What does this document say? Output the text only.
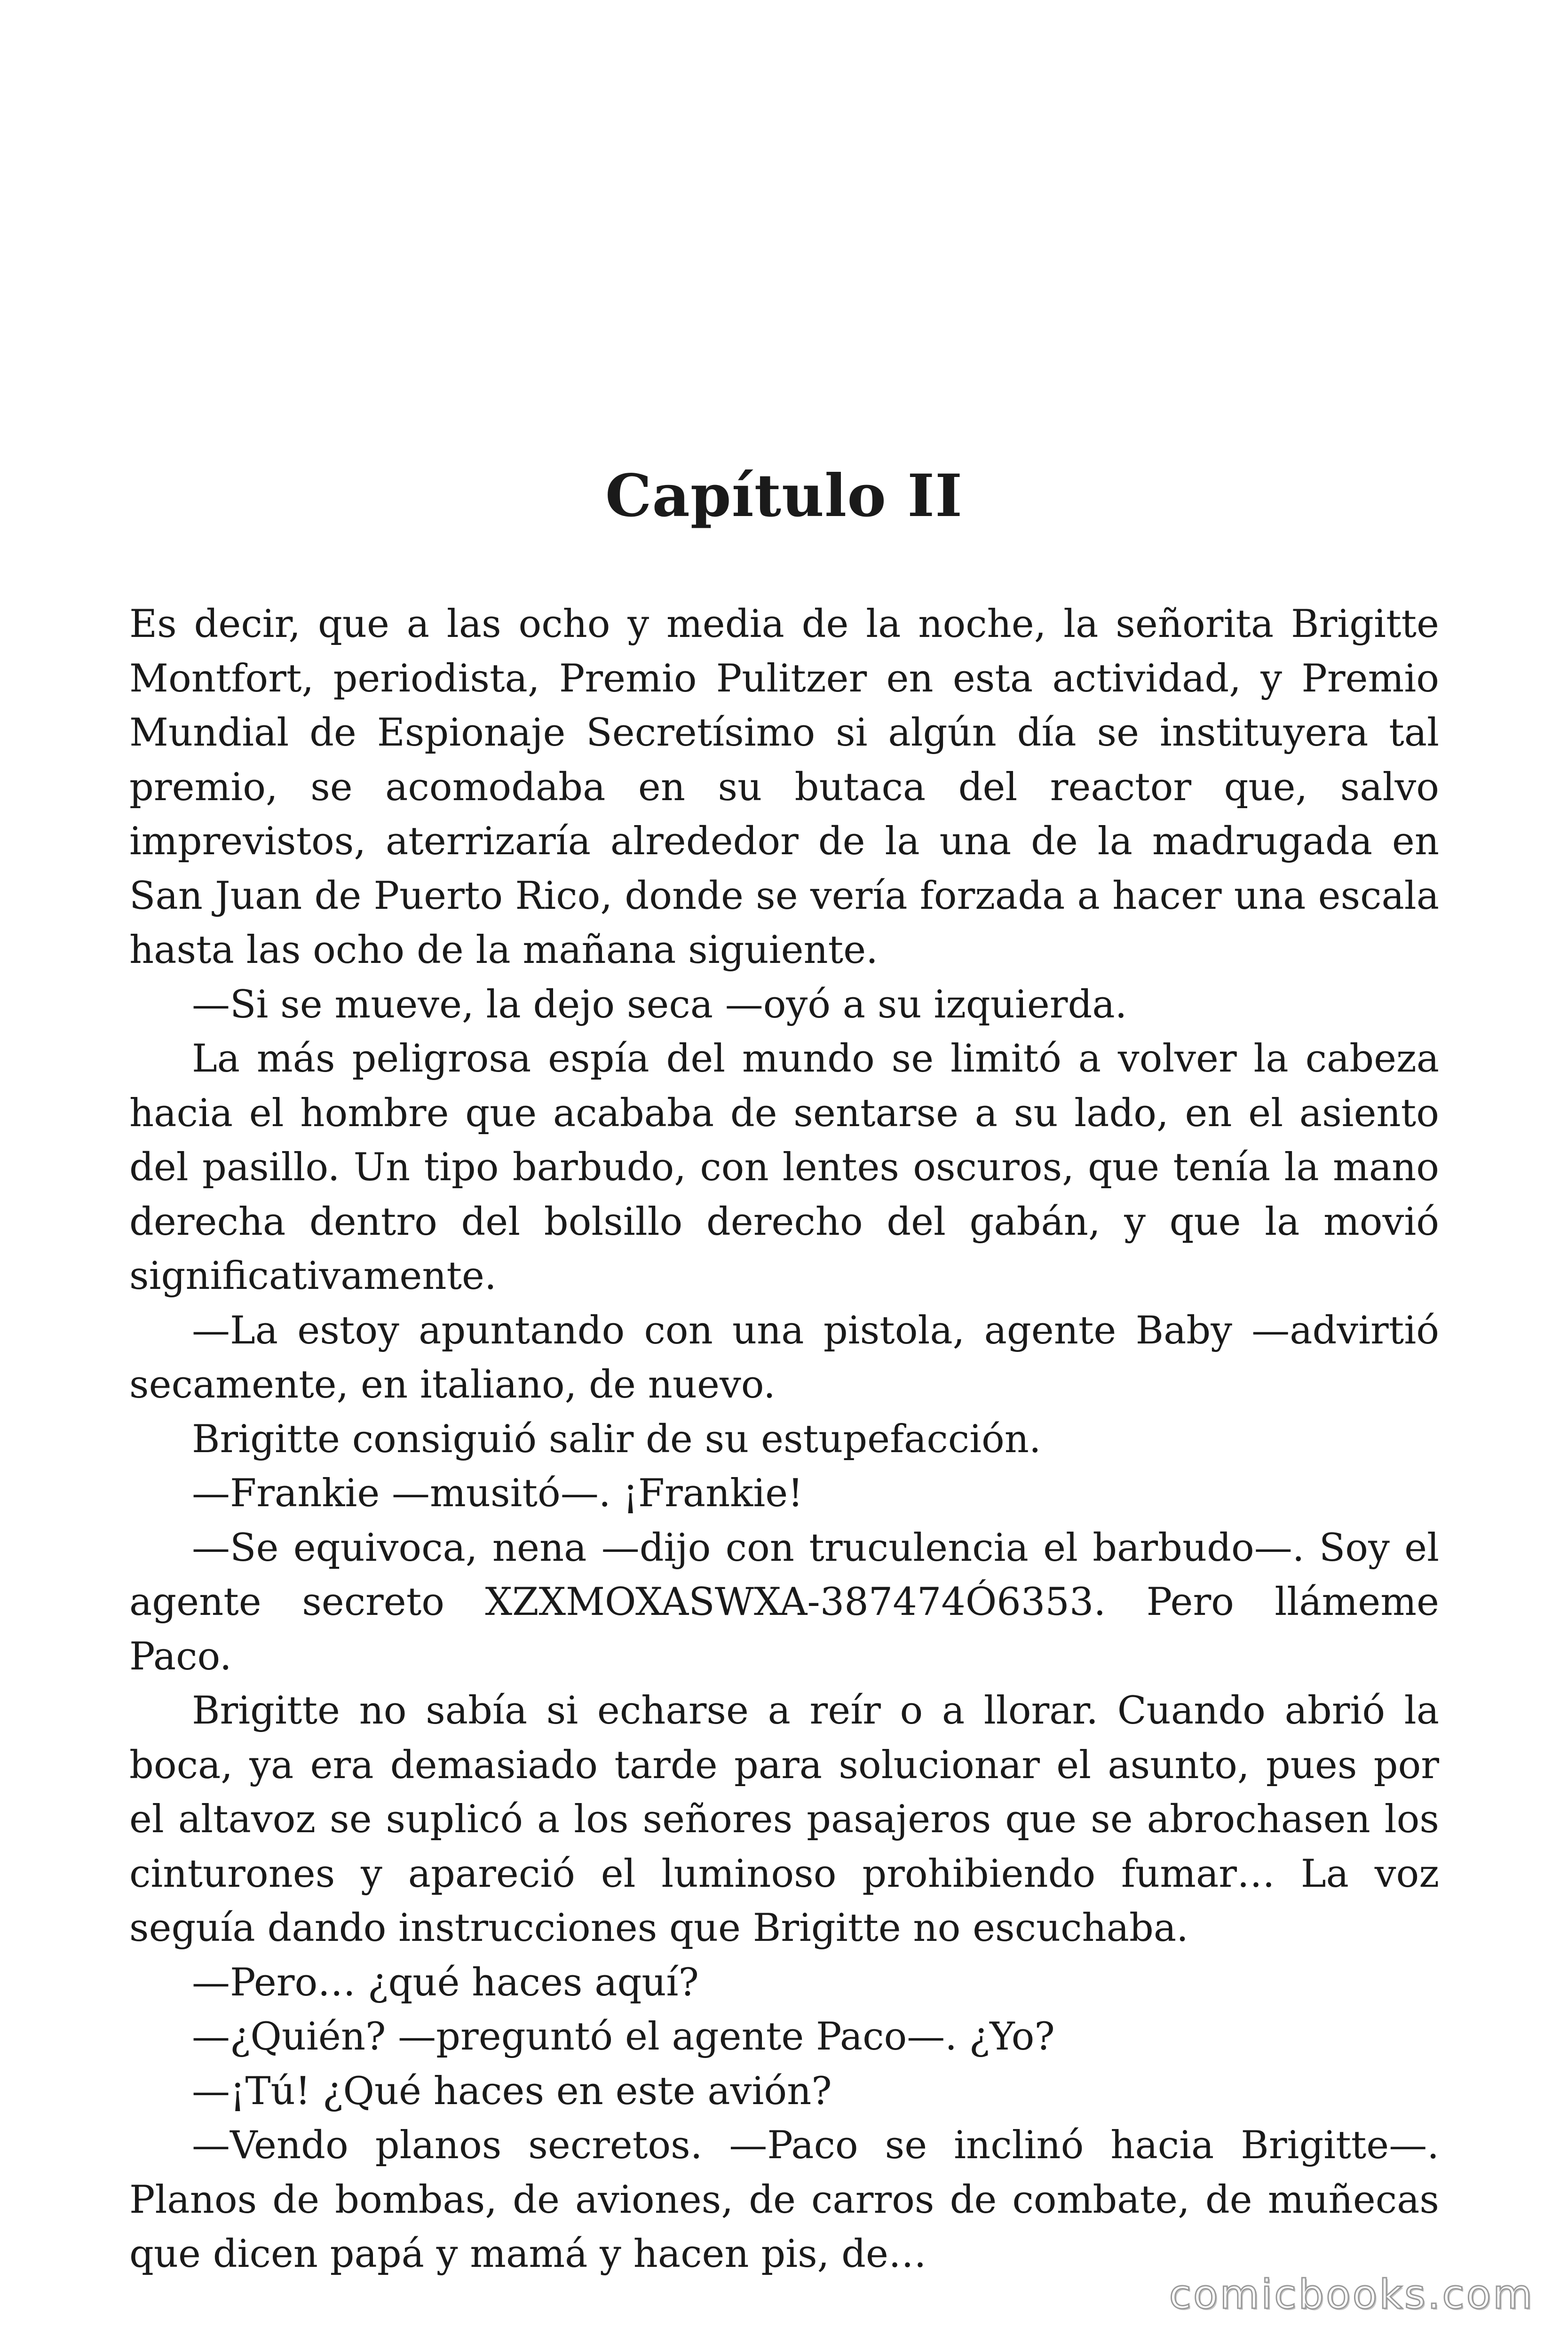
Capítulo II

Es decir, que a las ocho y media de la noche, la señorita Brigitte Montfort, periodista, Premio Pulitzer en esta actividad, y Premio Mundial de Espionaje Secretísimo si algún día se instituyera tal premio, se acomodaba en su butaca del reactor que, salvo imprevistos, aterrizaría alrededor de la una de la madrugada en San Juan de Puerto Rico, donde se vería forzada a hacer una escala hasta las ocho de la mañana siguiente.

—Si se mueve, la dejo seca —oyó a su izquierda.

La más peligrosa espía del mundo se limitó a volver la cabeza hacia el hombre que acababa de sentarse a su lado, en el asiento del pasillo. Un tipo barbudo, con lentes oscuros, que tenía la mano derecha dentro del bolsillo derecho del gabán, y que la movió significativamente.

—La estoy apuntando con una pistola, agente Baby —advirtió secamente, en italiano, de nuevo.

Brigitte consiguió salir de su estupefacción.

—Frankie —musitó—. ¡Frankie!

—Se equivoca, nena —dijo con truculencia el barbudo—. Soy el agente secreto XZXMOXASWXA-387474Ó6353. Pero llámeme Paco.

Brigitte no sabía si echarse a reír o a llorar. Cuando abrió la boca, ya era demasiado tarde para solucionar el asunto, pues por el altavoz se suplicó a los señores pasajeros que se abrochasen los cinturones y apareció el luminoso prohibiendo fumar… La voz seguía dando instrucciones que Brigitte no escuchaba.

—Pero… ¿qué haces aquí?

—¿Quién? —preguntó el agente Paco—. ¿Yo?

—¡Tú! ¿Qué haces en este avión?

—Vendo planos secretos. —Paco se inclinó hacia Brigitte—. Planos de bombas, de aviones, de carros de combate, de muñecas que dicen papá y mamá y hacen pis, de…

comicbooks.com
